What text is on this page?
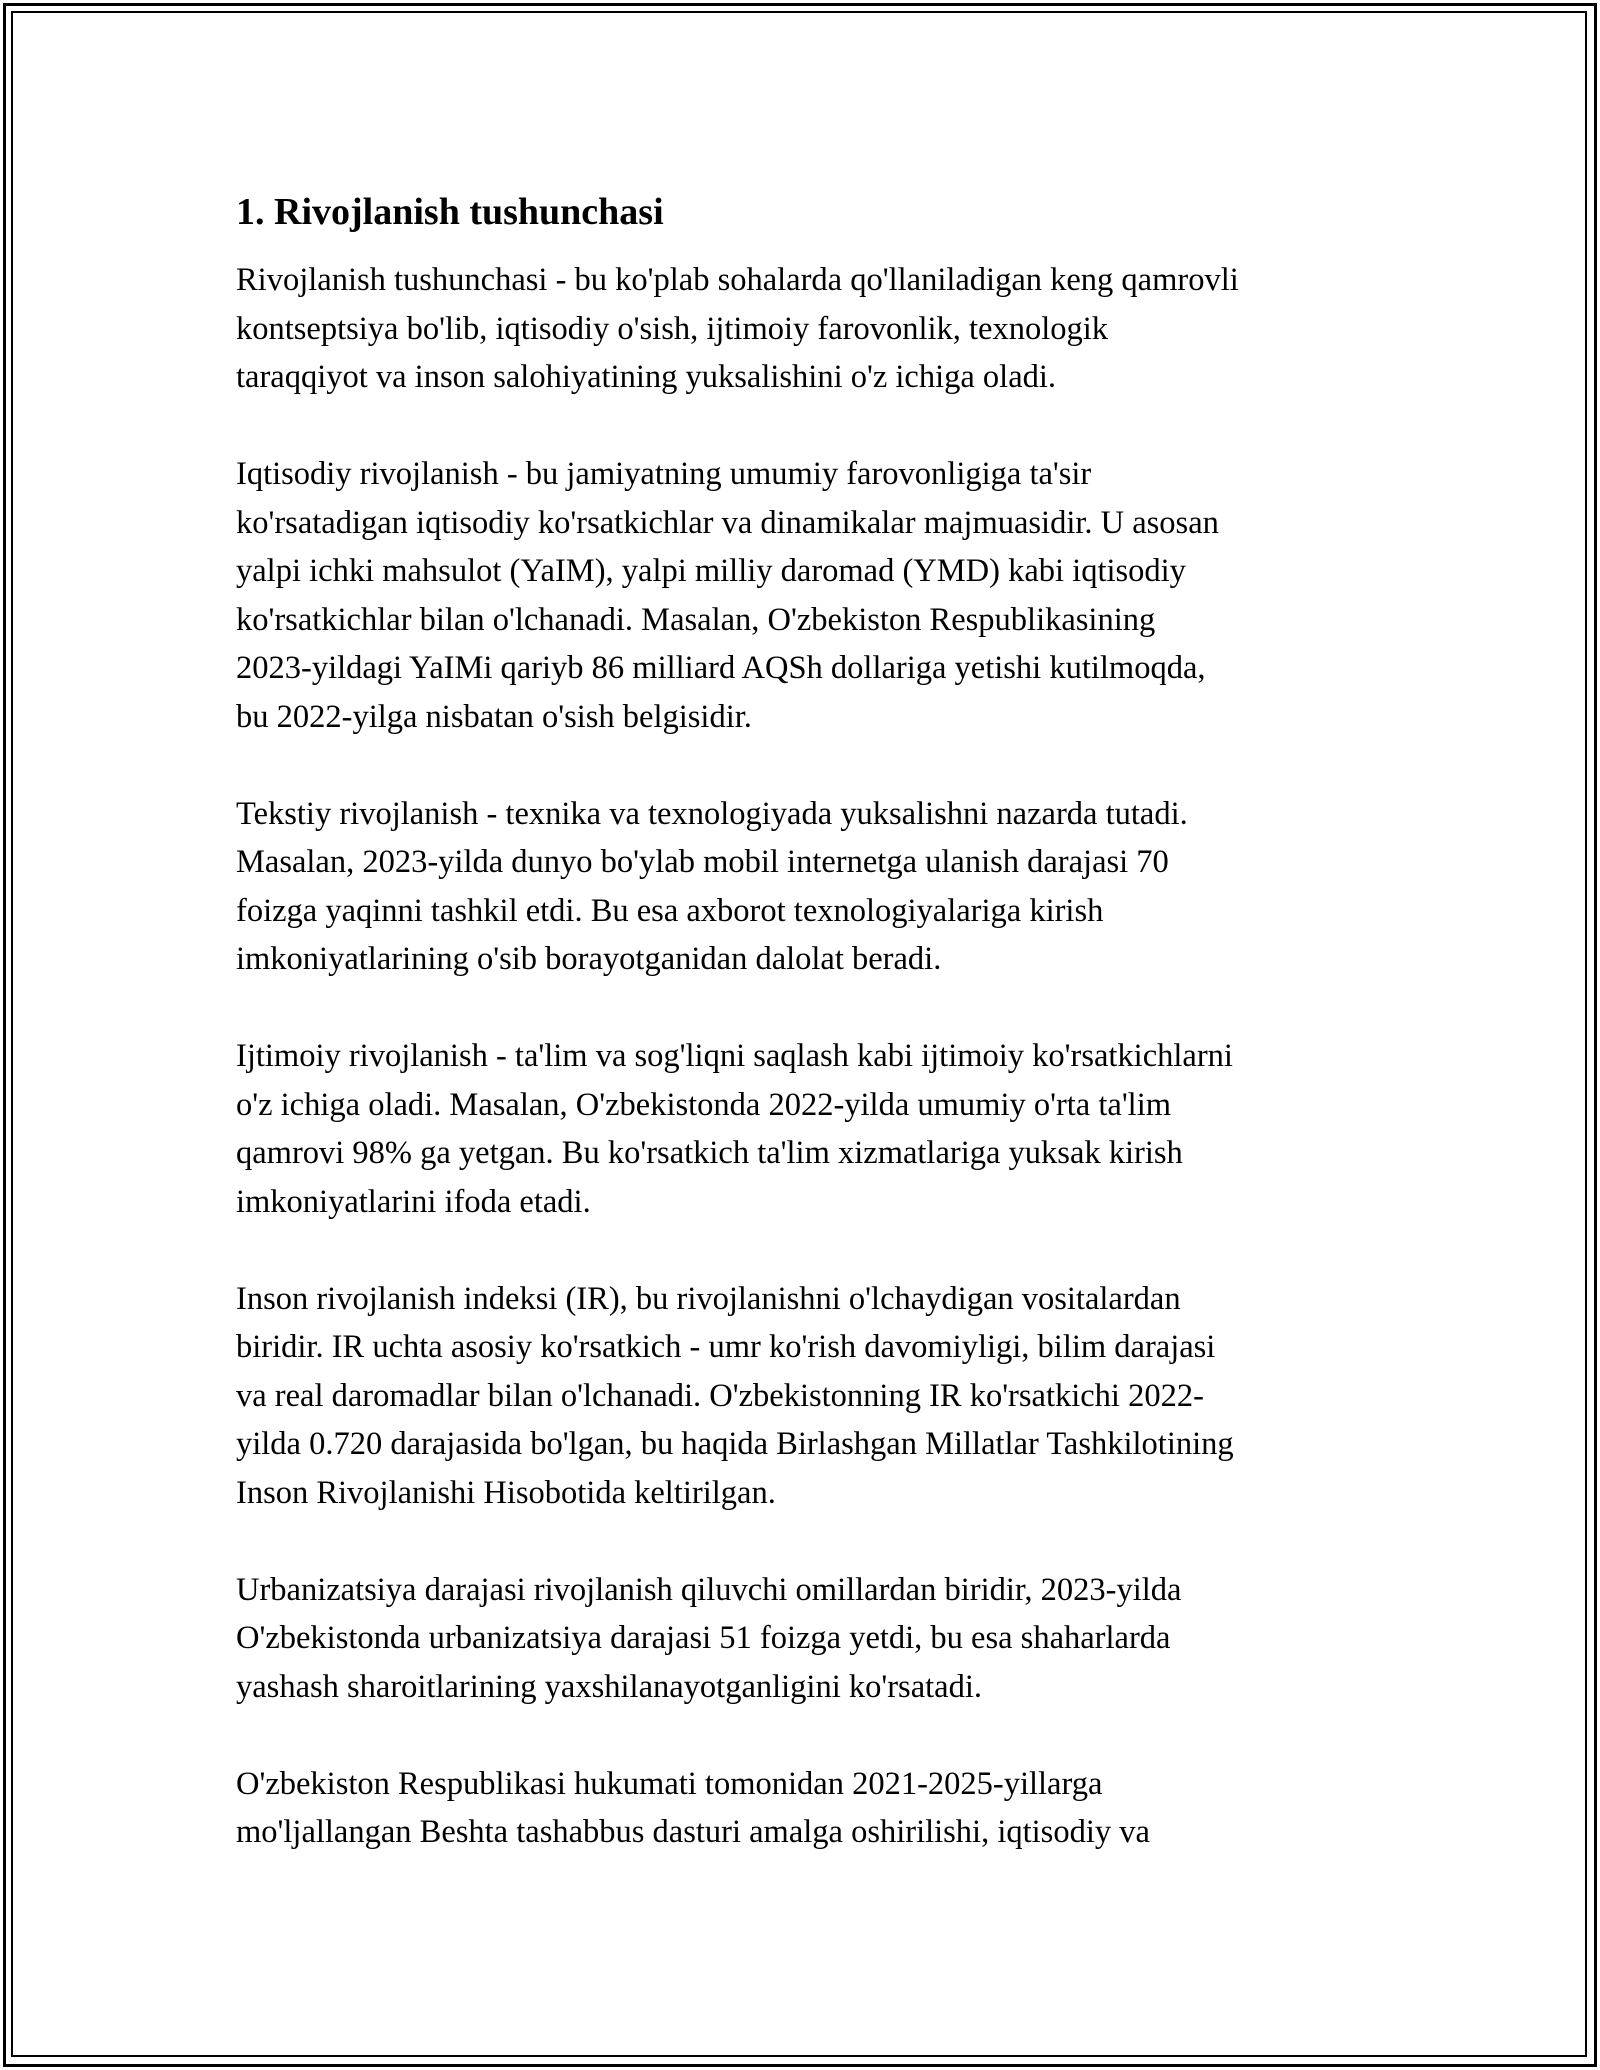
1. Rivojlanish tushunchasi

Rivojlanish tushunchasi - bu ko'plab sohalarda qo'llaniladigan keng qamrovli
kontseptsiya bo'lib, iqtisodiy o'sish, ijtimoiy farovonlik, texnologik
taraqqiyot va inson salohiyatining yuksalishini o'z ichiga oladi.

Iqtisodiy rivojlanish - bu jamiyatning umumiy farovonligiga ta'sir
ko'rsatadigan iqtisodiy ko'rsatkichlar va dinamikalar majmuasidir. U asosan
yalpi ichki mahsulot (YaIM), yalpi milliy daromad (YMD) kabi iqtisodiy
ko'rsatkichlar bilan o'lchanadi. Masalan, O'zbekiston Respublikasining
2023-yildagi YaIMi qariyb 86 milliard AQSh dollariga yetishi kutilmoqda,
bu 2022-yilga nisbatan o'sish belgisidir.

Tekstiy rivojlanish - texnika va texnologiyada yuksalishni nazarda tutadi.
Masalan, 2023-yilda dunyo bo'ylab mobil internetga ulanish darajasi 70
foizga yaqinni tashkil etdi. Bu esa axborot texnologiyalariga kirish
imkoniyatlarining o'sib borayotganidan dalolat beradi.

Ijtimoiy rivojlanish - ta'lim va sog'liqni saqlash kabi ijtimoiy ko'rsatkichlarni
o'z ichiga oladi. Masalan, O'zbekistonda 2022-yilda umumiy o'rta ta'lim
qamrovi 98% ga yetgan. Bu ko'rsatkich ta'lim xizmatlariga yuksak kirish
imkoniyatlarini ifoda etadi.

Inson rivojlanish indeksi (IR), bu rivojlanishni o'lchaydigan vositalardan
biridir. IR uchta asosiy ko'rsatkich - umr ko'rish davomiyligi, bilim darajasi
va real daromadlar bilan o'lchanadi. O'zbekistonning IR ko'rsatkichi 2022-
yilda 0.720 darajasida bo'lgan, bu haqida Birlashgan Millatlar Tashkilotining
Inson Rivojlanishi Hisobotida keltirilgan.

Urbanizatsiya darajasi rivojlanish qiluvchi omillardan biridir, 2023-yilda
O'zbekistonda urbanizatsiya darajasi 51 foizga yetdi, bu esa shaharlarda
yashash sharoitlarining yaxshilanayotganligini ko'rsatadi.

O'zbekiston Respublikasi hukumati tomonidan 2021-2025-yillarga
mo'ljallangan Beshta tashabbus dasturi amalga oshirilishi, iqtisodiy va
